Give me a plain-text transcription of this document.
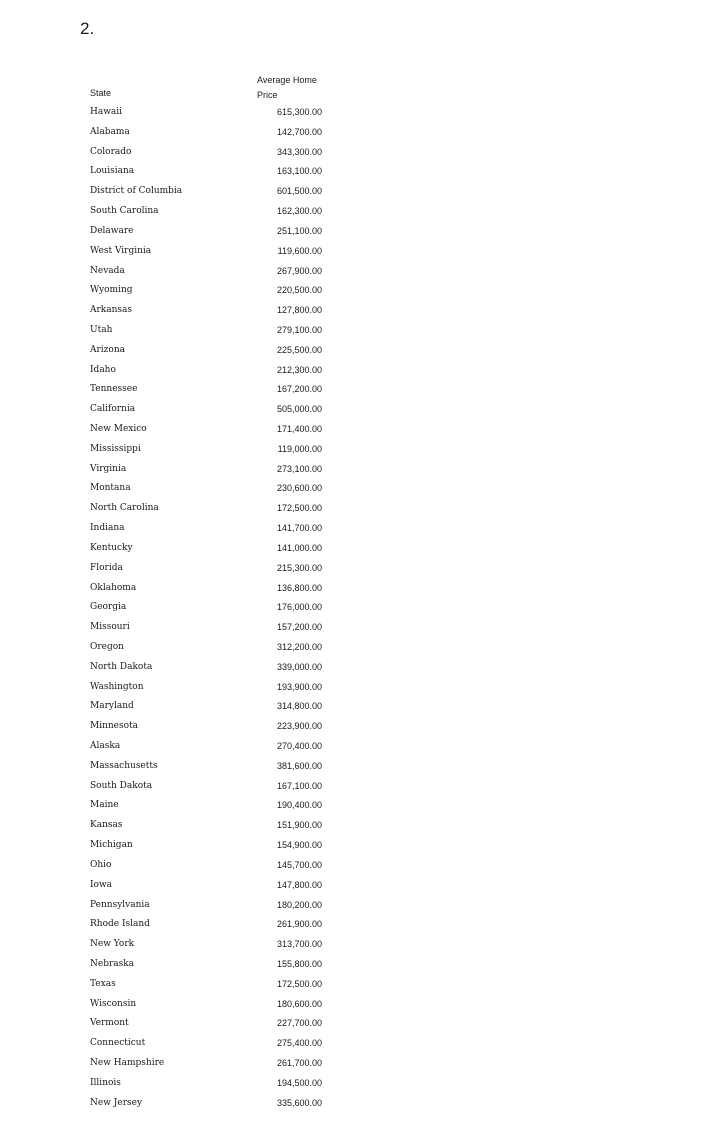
2.
State
Average Home
Price
Hawaii	615,300.00
Alabama	142,700.00
Colorado	343,300.00
Louisiana	163,100.00
District of Columbia	601,500.00
South Carolina	162,300.00
Delaware	251,100.00
West Virginia	119,600.00
Nevada	267,900.00
Wyoming	220,500.00
Arkansas	127,800.00
Utah	279,100.00
Arizona	225,500.00
Idaho	212,300.00
Tennessee	167,200.00
California	505,000.00
New Mexico	171,400.00
Mississippi	119,000.00
Virginia	273,100.00
Montana	230,600.00
North Carolina	172,500.00
Indiana	141,700.00
Kentucky	141,000.00
Florida	215,300.00
Oklahoma	136,800.00
Georgia	176,000.00
Missouri	157,200.00
Oregon	312,200.00
North Dakota	339,000.00
Washington	193,900.00
Maryland	314,800.00
Minnesota	223,900.00
Alaska	270,400.00
Massachusetts	381,600.00
South Dakota	167,100.00
Maine	190,400.00
Kansas	151,900.00
Michigan	154,900.00
Ohio	145,700.00
Iowa	147,800.00
Pennsylvania	180,200.00
Rhode Island	261,900.00
New York	313,700.00
Nebraska	155,800.00
Texas	172,500.00
Wisconsin	180,600.00
Vermont	227,700.00
Connecticut	275,400.00
New Hampshire	261,700.00
Illinois	194,500.00
New Jersey	335,600.00
